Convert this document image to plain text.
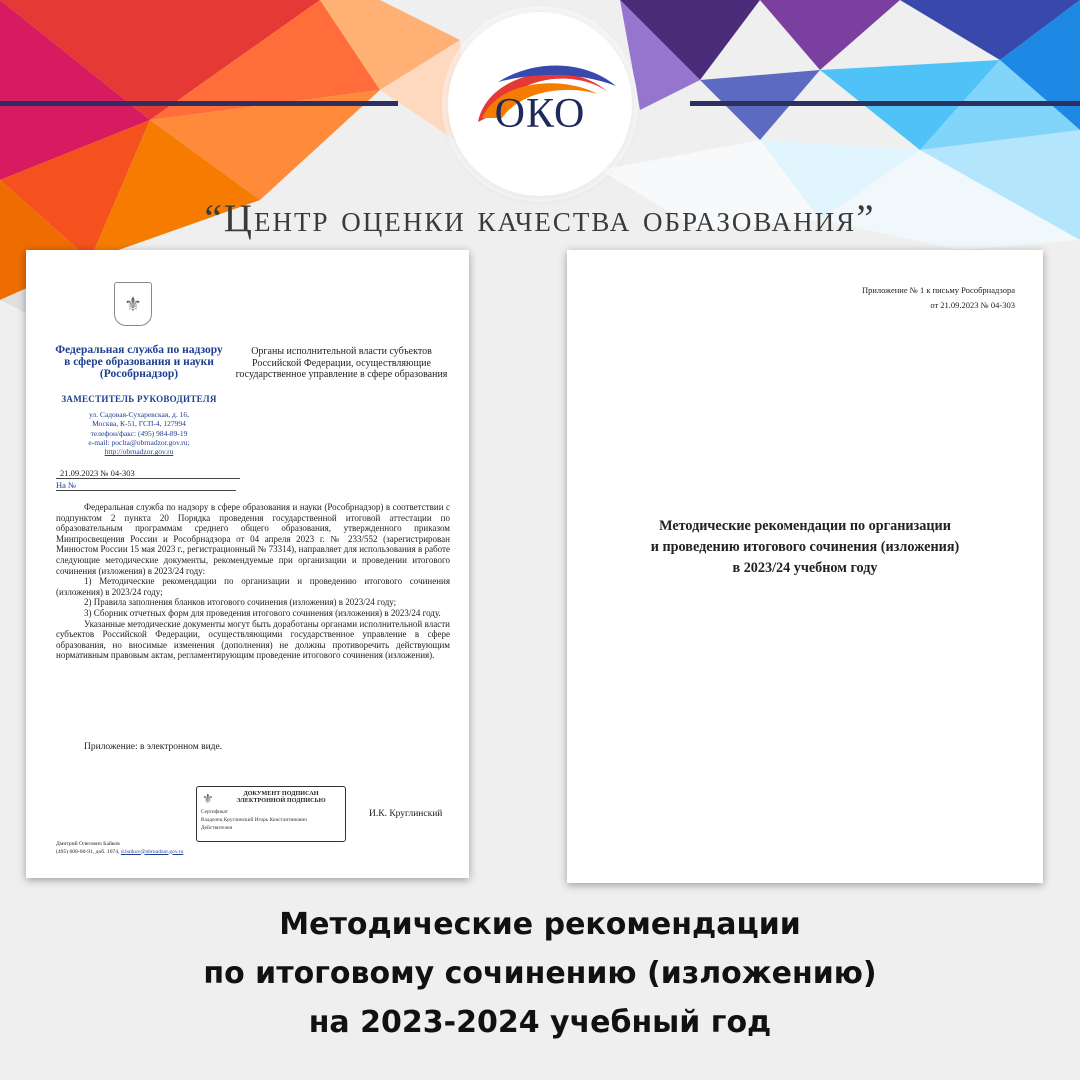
ОКО
“Центр оценки качества образования”
⚜
Федеральная служба по надзору в сфере образования и науки (Рособрнадзор)
ЗАМЕСТИТЕЛЬ РУКОВОДИТЕЛЯ
ул. Садовая-Сухаревская, д. 16,
Москва, К-51, ГСП-4, 127994
телефон/факс: (495) 984-89-19
e-mail: poclta@obrnadzor.gov.ru;
http://obrnadzor.gov.ru
Органы исполнительной власти субъектов Российской Федерации, осуществляющие государственное управление в сфере образования
21.09.2023 № 04-303
На №

Федеральная служба по надзору в сфере образования и науки (Рособрнадзор) в соответствии с подпунктом 2 пункта 20 Порядка проведения государственной итоговой аттестации по образовательным программам среднего общего образования, утвержденного приказом Минпросвещения России и Рособрнадзора от 04 апреля 2023 г. № 233/552 (зарегистрирован Минюстом России 15 мая 2023 г., регистрационный № 73314), направляет для использования в работе следующие методические документы, рекомендуемые при организации и проведении итогового сочинения (изложения) в 2023/24 году:

1) Методические рекомендации по организации и проведению итогового сочинения (изложения) в 2023/24 году;

2) Правила заполнения бланков итогового сочинения (изложения) в 2023/24 году;

3) Сборник отчетных форм для проведения итогового сочинения (изложения) в 2023/24 году.

Указанные методические документы могут быть доработаны органами исполнительной власти субъектов Российской Федерации, осуществляющими государственное управление в сфере образования, но вносимые изменения (дополнения) не должны противоречить действующим нормативным правовым актам, регламентирующим проведение итогового сочинения (изложения).

Приложение: в электронном виде.
⚜	ДОКУМЕНТ ПОДПИСАН ЭЛЕКТРОННОЙ ПОДПИСЬЮ
Сертификат
Владелец Круглинский Игорь Константинович
Действителен
И.К. Круглинский
Дмитрий Олегович Байков
(495) 608-00-91, доб. 1074, d.baikov@obrnadzor.gov.ru
Приложение № 1 к письму Рособрнадзора
от 21.09.2023 № 04-303
Методические рекомендации по организации
и проведению итогового сочинения (изложения)
в 2023/24 учебном году
Методические рекомендации
по итоговому сочинению (изложению)
на 2023-2024 учебный год
